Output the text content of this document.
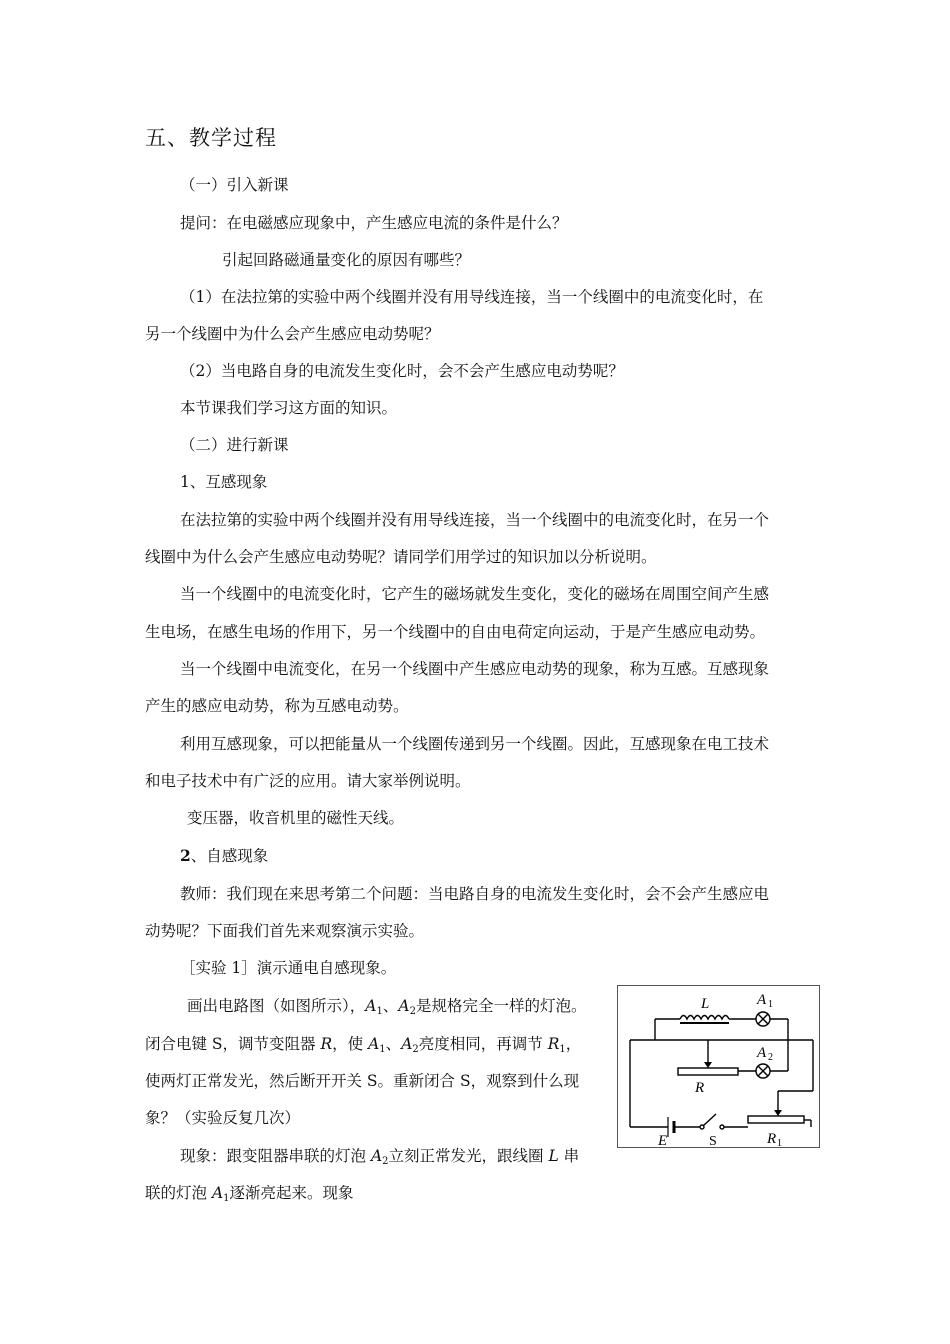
五、教学过程
（一）引入新课
提问：在电磁感应现象中，产生感应电流的条件是什么？
引起回路磁通量变化的原因有哪些？
（1）在法拉第的实验中两个线圈并没有用导线连接，当一个线圈中的电流变化时，在
另一个线圈中为什么会产生感应电动势呢？
（2）当电路自身的电流发生变化时，会不会产生感应电动势呢？
本节课我们学习这方面的知识。
（二）进行新课
1、互感现象
在法拉第的实验中两个线圈并没有用导线连接，当一个线圈中的电流变化时，在另一个
线圈中为什么会产生感应电动势呢？请同学们用学过的知识加以分析说明。
当一个线圈中的电流变化时，它产生的磁场就发生变化，变化的磁场在周围空间产生感
生电场，在感生电场的作用下，另一个线圈中的自由电荷定向运动，于是产生感应电动势。
当一个线圈中电流变化，在另一个线圈中产生感应电动势的现象，称为互感。互感现象
产生的感应电动势，称为互感电动势。
利用互感现象，可以把能量从一个线圈传递到另一个线圈。因此，互感现象在电工技术
和电子技术中有广泛的应用。请大家举例说明。
变压器，收音机里的磁性天线。
2、自感现象
教师：我们现在来思考第二个问题：当电路自身的电流发生变化时，会不会产生感应电
动势呢？下面我们首先来观察演示实验。
［实验 1］演示通电自感现象。
画出电路图（如图所示），$A_1$、$A_2$是规格完全一样的灯泡。
闭合电键 S，调节变阻器 R，使 $A_1$、$A_2$亮度相同，再调节 $R_1$，
使两灯正常发光，然后断开开关 S。重新闭合 S，观察到什么现
象？（实验反复几次）
现象：跟变阻器串联的灯泡 $A_2$立刻正常发光，跟线圈 L 串
联的灯泡 $A_1$逐渐亮起来。现象
L	A 1
A 2
R
E	S	R 1
